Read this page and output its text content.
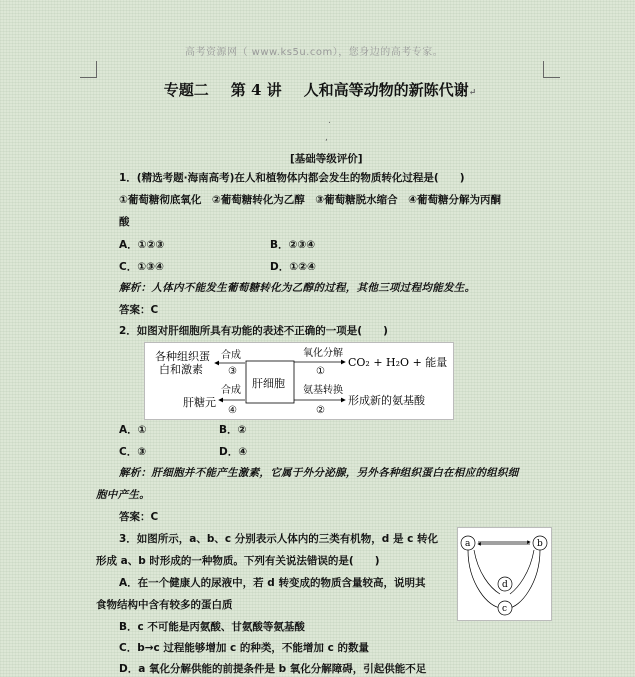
高考资源网（ www.ks5u.com），您身边的高考专家。
专题二 第 4 讲 人和高等动物的新陈代谢↵
.
,
[基础等级评价]
1．(精选考题·海南高考)在人和植物体内都会发生的物质转化过程是(　　)
①葡萄糖彻底氧化　②葡萄糖转化为乙醇　③葡萄糖脱水缩合　④葡萄糖分解为丙酮
酸
A．①②③	B．②③④
C．①③④	D．①②④
解析：人体内不能发生葡萄糖转化为乙醇的过程，其他三项过程均能发生。
答案：C
2．如图对肝细胞所具有功能的表述不正确的一项是(　　)
各种组织蛋
白和激素
合成
③
肝糖元
合成
④
肝细胞
氧化分解
①
CO₂ + H₂O + 能量
氨基转换
②
形成新的氨基酸
A．①	B．②
C．③	D．④
解析：肝细胞并不能产生激素，它属于外分泌腺，另外各种组织蛋白在相应的组织细
胞中产生。
答案：C
3．如图所示，a、b、c 分别表示人体内的三类有机物，d 是 c 转化
形成 a、b 时形成的一种物质。下列有关说法错误的是(　　)
A．在一个健康人的尿液中，若 d 转变成的物质含量较高，说明其
食物结构中含有较多的蛋白质
B．c 不可能是丙氨酸、甘氨酸等氨基酸
C．b→c 过程能够增加 c 的种类，不能增加 c 的数量
D．a 氧化分解供能的前提条件是 b 氧化分解障碍，引起供能不足
a	b
d
c
